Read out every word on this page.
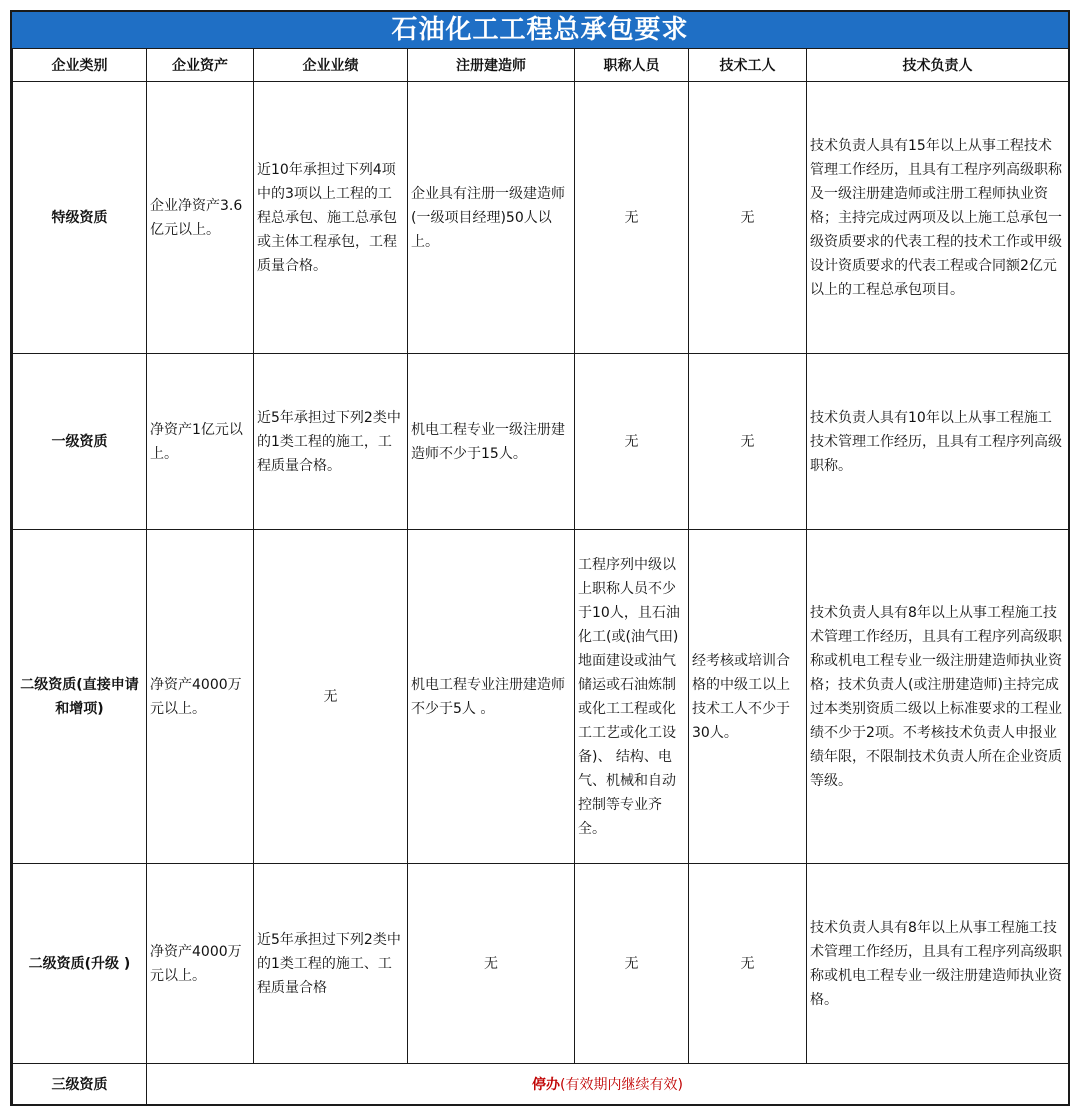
石油化工工程总承包要求
企业类别	企业资产	企业业绩	注册建造师	职称人员	技术工人	技术负责人
特级资质	企业净资产3.6亿元以上。	近10年承担过下列4项中的3项以上工程的工程总承包、施工总承包或主体工程承包，工程质量合格。	企业具有注册一级建造师(一级项目经理)50人以上。	无	无	技术负责人具有15年以上从事工程技术管理工作经历，且具有工程序列高级职称及一级注册建造师或注册工程师执业资格；主持完成过两项及以上施工总承包一级资质要求的代表工程的技术工作或甲级设计资质要求的代表工程或合同额2亿元以上的工程总承包项目。
一级资质	净资产1亿元以上。	近5年承担过下列2类中的1类工程的施工，工程质量合格。	机电工程专业一级注册建造师不少于15人。	无	无	技术负责人具有10年以上从事工程施工技术管理工作经历，且具有工程序列高级职称。
二级资质(直接申请和增项)	净资产4000万元以上。	无	机电工程专业注册建造师不少于5人 。	工程序列中级以上职称人员不少于10人，且石油化工(或(油气田)地面建设或油气储运或石油炼制或化工工程或化工工艺或化工设备)、 结构、电气、机械和自动控制等专业齐全。	经考核或培训合格的中级工以上技术工人不少于30人。	技术负责人具有8年以上从事工程施工技术管理工作经历，且具有工程序列高级职称或机电工程专业一级注册建造师执业资格；技术负责人(或注册建造师)主持完成过本类别资质二级以上标准要求的工程业绩不少于2项。不考核技术负责人申报业绩年限，不限制技术负责人所在企业资质等级。
二级资质(升级 )	净资产4000万元以上。	近5年承担过下列2类中的1类工程的施工、工程质量合格	无	无	无	技术负责人具有8年以上从事工程施工技术管理工作经历，且具有工程序列高级职称或机电工程专业一级注册建造师执业资格。
三级资质	停办(有效期内继续有效)					
